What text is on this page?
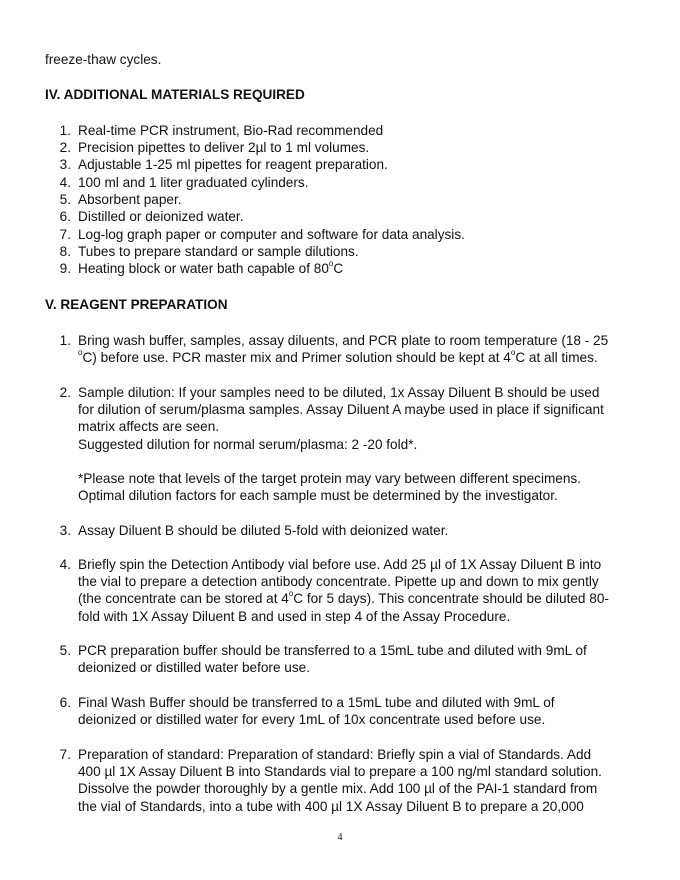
freeze-thaw cycles.
IV. ADDITIONAL MATERIALS REQUIRED
1. Real-time PCR instrument, Bio-Rad recommended
2. Precision pipettes to deliver 2µl to 1 ml volumes.
3. Adjustable 1-25 ml pipettes for reagent preparation.
4. 100 ml and 1 liter graduated cylinders.
5. Absorbent paper.
6. Distilled or deionized water.
7. Log-log graph paper or computer and software for data analysis.
8. Tubes to prepare standard or sample dilutions.
9. Heating block or water bath capable of 80$^o$C
V. REAGENT PREPARATION
1. Bring wash buffer, samples, assay diluents, and PCR plate to room temperature (18 - 25
$^o$C) before use. PCR master mix and Primer solution should be kept at 4$^o$C at all times.
2. Sample dilution: If your samples need to be diluted, 1x Assay Diluent B should be used
for dilution of serum/plasma samples. Assay Diluent A maybe used in place if significant
matrix affects are seen.
Suggested dilution for normal serum/plasma: 2 -20 fold*.
*Please note that levels of the target protein may vary between different specimens.
Optimal dilution factors for each sample must be determined by the investigator.
3. Assay Diluent B should be diluted 5-fold with deionized water.
4. Briefly spin the Detection Antibody vial before use. Add 25 µl of 1X Assay Diluent B into
the vial to prepare a detection antibody concentrate. Pipette up and down to mix gently
(the concentrate can be stored at 4$^o$C for 5 days). This concentrate should be diluted 80-
fold with 1X Assay Diluent B and used in step 4 of the Assay Procedure.
5. PCR preparation buffer should be transferred to a 15mL tube and diluted with 9mL of
deionized or distilled water before use.
6. Final Wash Buffer should be transferred to a 15mL tube and diluted with 9mL of
deionized or distilled water for every 1mL of 10x concentrate used before use.
7. Preparation of standard: Preparation of standard: Briefly spin a vial of Standards. Add
400 µl 1X Assay Diluent B into Standards vial to prepare a 100 ng/ml standard solution.
Dissolve the powder thoroughly by a gentle mix. Add 100 µl of the PAI-1 standard from
the vial of Standards, into a tube with 400 µl 1X Assay Diluent B to prepare a 20,000
4
